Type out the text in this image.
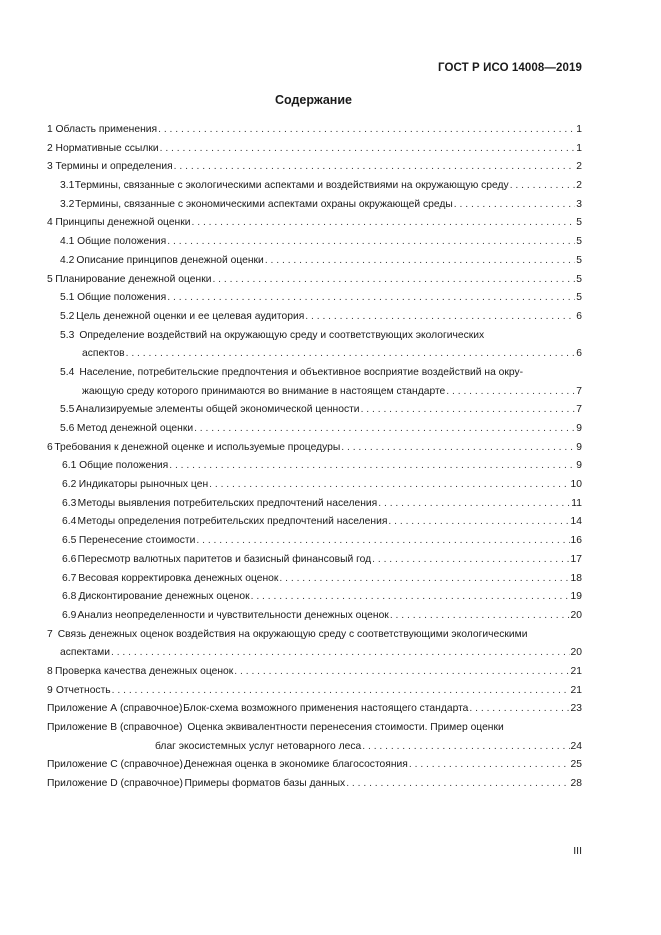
ГОСТ Р ИСО 14008—2019
Содержание
1 Область применения . . .	1
2 Нормативные ссылки . . .	1
3 Термины и определения . . .	2
3.1 Термины, связанные с экологическими аспектами и воздействиями на окружающую среду . . .	2
3.2 Термины, связанные с экономическими аспектами охраны окружающей среды . . .	3
4 Принципы денежной оценки . . .	5
4.1 Общие положения . . .	5
4.2 Описание принципов денежной оценки . . .	5
5 Планирование денежной оценки . . .	5
5.1 Общие положения . . .	5
5.2 Цель денежной оценки и ее целевая аудитория . . .	6
5.3 Определение воздействий на окружающую среду и соответствующих экологических
аспектов . . .	6
5.4 Население, потребительские предпочтения и объективное восприятие воздействий на окру-
жающую среду которого принимаются во внимание в настоящем стандарте . . .	7
5.5 Анализируемые элементы общей экономической ценности . . .	7
5.6 Метод денежной оценки . . .	9
6 Требования к денежной оценке и используемые процедуры . . .	9
6.1 Общие положения . . .	9
6.2 Индикаторы рыночных цен . . .	10
6.3 Методы выявления потребительских предпочтений населения . . .	11
6.4 Методы определения потребительских предпочтений населения . . .	14
6.5 Перенесение стоимости . . .	16
6.6 Пересмотр валютных паритетов и базисный финансовый год . . .	17
6.7 Весовая корректировка денежных оценок . . .	18
6.8 Дисконтирование денежных оценок . . .	19
6.9 Анализ неопределенности и чувствительности денежных оценок . . .	20
7 Связь денежных оценок воздействия на окружающую среду с соответствующими экологическими
аспектами . . .	20
8 Проверка качества денежных оценок . . .	21
9 Отчетность . . .	21
Приложение А (справочное) Блок-схема возможного применения настоящего стандарта . . .	23
Приложение В (справочное) Оценка эквивалентности перенесения стоимости. Пример оценки
благ экосистемных услуг нетоварного леса . . .	24
Приложение С (справочное) Денежная оценка в экономике благосостояния . . .	25
Приложение D (справочное) Примеры форматов базы данных . . .	28
III
